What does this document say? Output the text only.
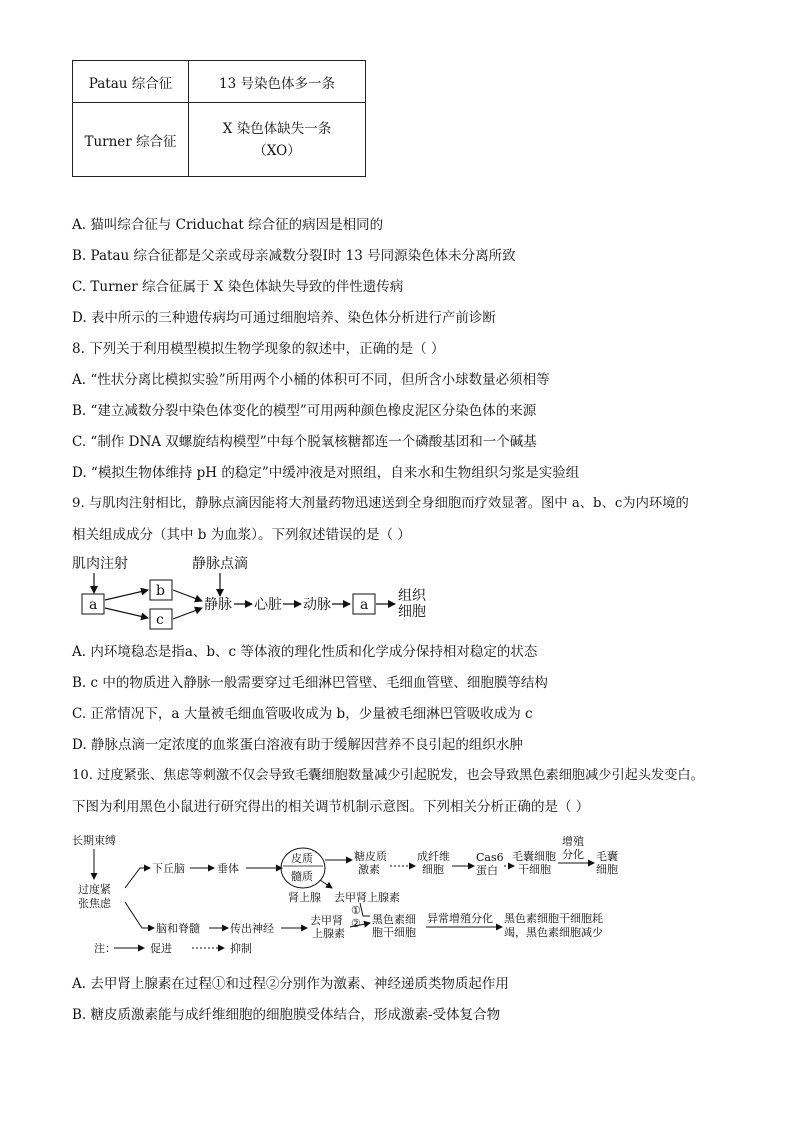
Patau 综合征	13 号染色体多一条
Turner 综合征	X 染色体缺失一条
（XO）
A. 猫叫综合征与 Criduchat 综合征的病因是相同的
B. Patau 综合征都是父亲或母亲减数分裂Ⅰ时 13 号同源染色体未分离所致
C. Turner 综合征属于 X 染色体缺失导致的伴性遗传病
D. 表中所示的三种遗传病均可通过细胞培养、染色体分析进行产前诊断
8. 下列关于利用模型模拟生物学现象的叙述中，正确的是（ ）
A. “性状分离比模拟实验”所用两个小桶的体积可不同，但所含小球数量必须相等
B. “建立减数分裂中染色体变化的模型”可用两种颜色橡皮泥区分染色体的来源
C. “制作 DNA 双螺旋结构模型”中每个脱氧核糖都连一个磷酸基团和一个碱基
D. “模拟生物体维持 pH 的稳定”中缓冲液是对照组，自来水和生物组织匀浆是实验组
9. 与肌肉注射相比，静脉点滴因能将大剂量药物迅速送到全身细胞而疗效显著。图中 a、b、c为内环境的
相关组成成分（其中 b 为血浆）。下列叙述错误的是（ ）
肌肉注射	静脉点滴
a
b
c
静脉 心脏 动脉 a
组织
细胞
A. 内环境稳态是指a、b、c 等体液的理化性质和化学成分保持相对稳定的状态
B. c 中的物质进入静脉一般需要穿过毛细淋巴管壁、毛细血管壁、细胞膜等结构
C. 正常情况下，a 大量被毛细血管吸收成为 b，少量被毛细淋巴管吸收成为 c
D. 静脉点滴一定浓度的血浆蛋白溶液有助于缓解因营养不良引起的组织水肿
10. 过度紧张、焦虑等刺激不仅会导致毛囊细胞数量减少引起脱发，也会导致黑色素细胞减少引起头发变白。
下图为利用黑色小鼠进行研究得出的相关调节机制示意图。下列相关分析正确的是（ ）
长期束缚
过度紧
张焦虑
下丘脑	垂体
皮质
髓质
肾上腺
糖皮质
激素
成纤维
细胞
Cas6
蛋白
毛囊细胞
干细胞
增殖
分化 毛囊
细胞
去甲肾上腺素
脑和脊髓	传出神经
去甲肾
上腺素
①
② 黑色素细
胞干细胞
异常增殖分化 黑色素细胞干细胞耗
竭，黑色素细胞减少
注：	促进	抑制
A. 去甲肾上腺素在过程①和过程②分别作为激素、神经递质类物质起作用
B. 糖皮质激素能与成纤维细胞的细胞膜受体结合，形成激素-受体复合物
